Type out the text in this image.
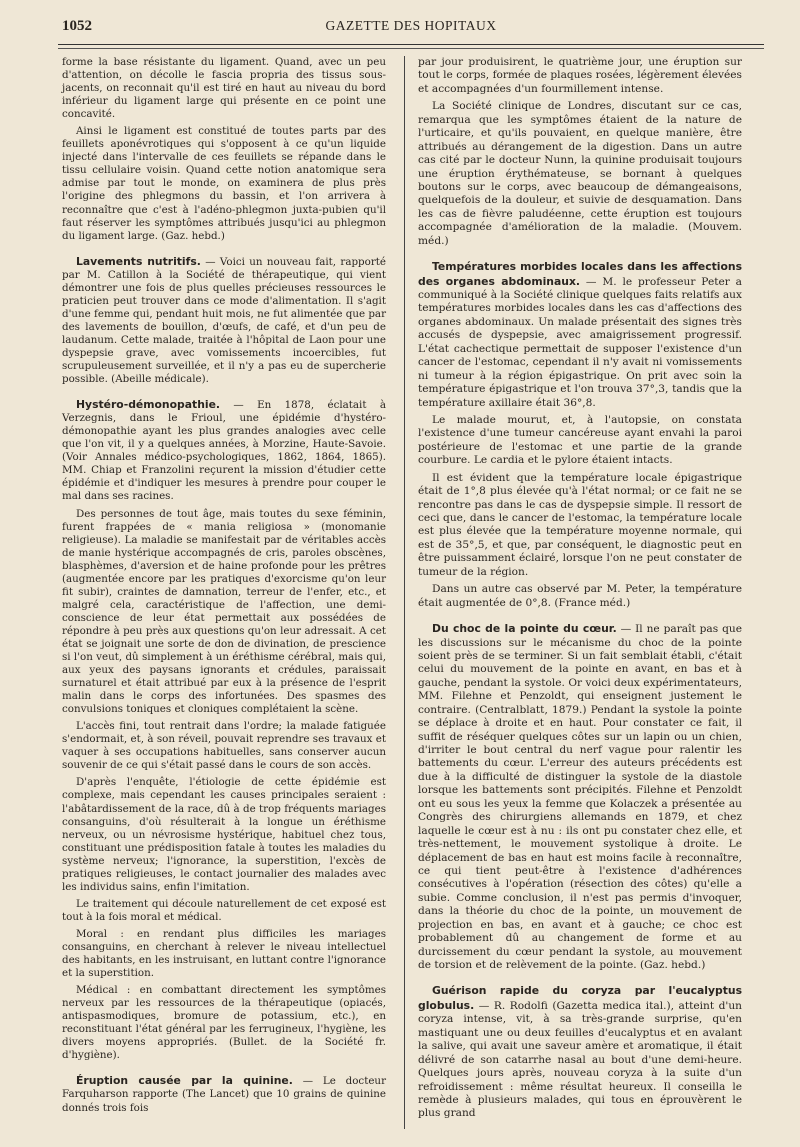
1052	GAZETTE DES HOPITAUX

forme la base résistante du ligament. Quand, avec un peu d'attention, on décolle le fascia propria des tissus sous-jacents, on reconnait qu'il est tiré en haut au niveau du bord inférieur du ligament large qui présente en ce point une concavité.

Ainsi le ligament est constitué de toutes parts par des feuillets aponévrotiques qui s'opposent à ce qu'un liquide injecté dans l'intervalle de ces feuillets se répande dans le tissu cellulaire voisin. Quand cette notion anatomique sera admise par tout le monde, on examinera de plus près l'origine des phlegmons du bassin, et l'on arrivera à reconnaître que c'est à l'adéno-phlegmon juxta-pubien qu'il faut réserver les symptômes attribués jusqu'ici au phlegmon du ligament large. (Gaz. hebd.)

Lavements nutritifs. — Voici un nouveau fait, rapporté par M. Catillon à la Société de thérapeutique, qui vient démontrer une fois de plus quelles précieuses ressources le praticien peut trouver dans ce mode d'alimentation. Il s'agit d'une femme qui, pendant huit mois, ne fut alimentée que par des lavements de bouillon, d'œufs, de café, et d'un peu de laudanum. Cette malade, traitée à l'hôpital de Laon pour une dyspepsie grave, avec vomissements incoercibles, fut scrupuleusement surveillée, et il n'y a pas eu de supercherie possible. (Abeille médicale).

Hystéro-démonopathie. — En 1878, éclatait à Verzegnis, dans le Frioul, une épidémie d'hystéro-démonopathie ayant les plus grandes analogies avec celle que l'on vit, il y a quelques années, à Morzine, Haute-Savoie. (Voir Annales médico-psychologiques, 1862, 1864, 1865). MM. Chiap et Franzolini reçurent la mission d'étudier cette épidémie et d'indiquer les mesures à prendre pour couper le mal dans ses racines.

Des personnes de tout âge, mais toutes du sexe féminin, furent frappées de « mania religiosa » (monomanie religieuse). La maladie se manifestait par de véritables accès de manie hystérique accompagnés de cris, paroles obscènes, blasphèmes, d'aversion et de haine profonde pour les prêtres (augmentée encore par les pratiques d'exorcisme qu'on leur fit subir), craintes de damnation, terreur de l'enfer, etc., et malgré cela, caractéristique de l'affection, une demi-conscience de leur état permettait aux possédées de répondre à peu près aux questions qu'on leur adressait. A cet état se joignait une sorte de don de divination, de prescience si l'on veut, dû simplement à un éréthisme cérébral, mais qui, aux yeux des paysans ignorants et crédules, paraissait surnaturel et était attribué par eux à la présence de l'esprit malin dans le corps des infortunées. Des spasmes des convulsions toniques et cloniques complétaient la scène.

L'accès fini, tout rentrait dans l'ordre; la malade fatiguée s'endormait, et, à son réveil, pouvait reprendre ses travaux et vaquer à ses occupations habituelles, sans conserver aucun souvenir de ce qui s'était passé dans le cours de son accès.

D'après l'enquête, l'étiologie de cette épidémie est complexe, mais cependant les causes principales seraient : l'abâtardissement de la race, dû à de trop fréquents mariages consanguins, d'où résulterait à la longue un éréthisme nerveux, ou un névrosisme hystérique, habituel chez tous, constituant une prédisposition fatale à toutes les maladies du système nerveux; l'ignorance, la superstition, l'excès de pratiques religieuses, le contact journalier des malades avec les individus sains, enfin l'imitation.

Le traitement qui découle naturellement de cet exposé est tout à la fois moral et médical.

Moral : en rendant plus difficiles les mariages consanguins, en cherchant à relever le niveau intellectuel des habitants, en les instruisant, en luttant contre l'ignorance et la superstition.

Médical : en combattant directement les symptômes nerveux par les ressources de la thérapeutique (opiacés, antispasmodiques, bromure de potassium, etc.), en reconstituant l'état général par les ferrugineux, l'hygiène, les divers moyens appropriés. (Bullet. de la Société fr. d'hygiène).

Éruption causée par la quinine. — Le docteur Farquharson rapporte (The Lancet) que 10 grains de quinine donnés trois fois

par jour produisirent, le quatrième jour, une éruption sur tout le corps, formée de plaques rosées, légèrement élevées et accompagnées d'un fourmillement intense.

La Société clinique de Londres, discutant sur ce cas, remarqua que les symptômes étaient de la nature de l'urticaire, et qu'ils pouvaient, en quelque manière, être attribués au dérangement de la digestion. Dans un autre cas cité par le docteur Nunn, la quinine produisait toujours une éruption érythémateuse, se bornant à quelques boutons sur le corps, avec beaucoup de démangeaisons, quelquefois de la douleur, et suivie de desquamation. Dans les cas de fièvre paludéenne, cette éruption est toujours accompagnée d'amélioration de la maladie. (Mouvem. méd.)

Températures morbides locales dans les affections des organes abdominaux. — M. le professeur Peter a communiqué à la Société clinique quelques faits relatifs aux températures morbides locales dans les cas d'affections des organes abdominaux. Un malade présentait des signes très accusés de dyspepsie, avec amaigrissement progressif. L'état cachectique permettait de supposer l'existence d'un cancer de l'estomac, cependant il n'y avait ni vomissements ni tumeur à la région épigastrique. On prit avec soin la température épigastrique et l'on trouva 37°,3, tandis que la température axillaire était 36°,8.

Le malade mourut, et, à l'autopsie, on constata l'existence d'une tumeur cancéreuse ayant envahi la paroi postérieure de l'estomac et une partie de la grande courbure. Le cardia et le pylore étaient intacts.

Il est évident que la température locale épigastrique était de 1°,8 plus élevée qu'à l'état normal; or ce fait ne se rencontre pas dans le cas de dyspepsie simple. Il ressort de ceci que, dans le cancer de l'estomac, la température locale est plus élevée que la température moyenne normale, qui est de 35°,5, et que, par conséquent, le diagnostic peut en être puissamment éclairé, lorsque l'on ne peut constater de tumeur de la région.

Dans un autre cas observé par M. Peter, la température était augmentée de 0°,8. (France méd.)

Du choc de la pointe du cœur. — Il ne paraît pas que les discussions sur le mécanisme du choc de la pointe soient près de se terminer. Si un fait semblait établi, c'était celui du mouvement de la pointe en avant, en bas et à gauche, pendant la systole. Or voici deux expérimentateurs, MM. Filehne et Penzoldt, qui enseignent justement le contraire. (Centralblatt, 1879.) Pendant la systole la pointe se déplace à droite et en haut. Pour constater ce fait, il suffit de réséquer quelques côtes sur un lapin ou un chien, d'irriter le bout central du nerf vague pour ralentir les battements du cœur. L'erreur des auteurs précédents est due à la difficulté de distinguer la systole de la diastole lorsque les battements sont précipités. Filehne et Penzoldt ont eu sous les yeux la femme que Kolaczek a présentée au Congrès des chirurgiens allemands en 1879, et chez laquelle le cœur est à nu : ils ont pu constater chez elle, et très-nettement, le mouvement systolique à droite. Le déplacement de bas en haut est moins facile à reconnaître, ce qui tient peut-être à l'existence d'adhérences consécutives à l'opération (résection des côtes) qu'elle a subie. Comme conclusion, il n'est pas permis d'invoquer, dans la théorie du choc de la pointe, un mouvement de projection en bas, en avant et à gauche; ce choc est probablement dû au changement de forme et au durcissement du cœur pendant la systole, au mouvement de torsion et de relèvement de la pointe. (Gaz. hebd.)

Guérison rapide du coryza par l'eucalyptus globulus. — R. Rodolfi (Gazetta medica ital.), atteint d'un coryza intense, vit, à sa très-grande surprise, qu'en mastiquant une ou deux feuilles d'eucalyptus et en avalant la salive, qui avait une saveur amère et aromatique, il était délivré de son catarrhe nasal au bout d'une demi-heure. Quelques jours après, nouveau coryza à la suite d'un refroidissement : même résultat heureux. Il conseilla le remède à plusieurs malades, qui tous en éprouvèrent le plus grand
